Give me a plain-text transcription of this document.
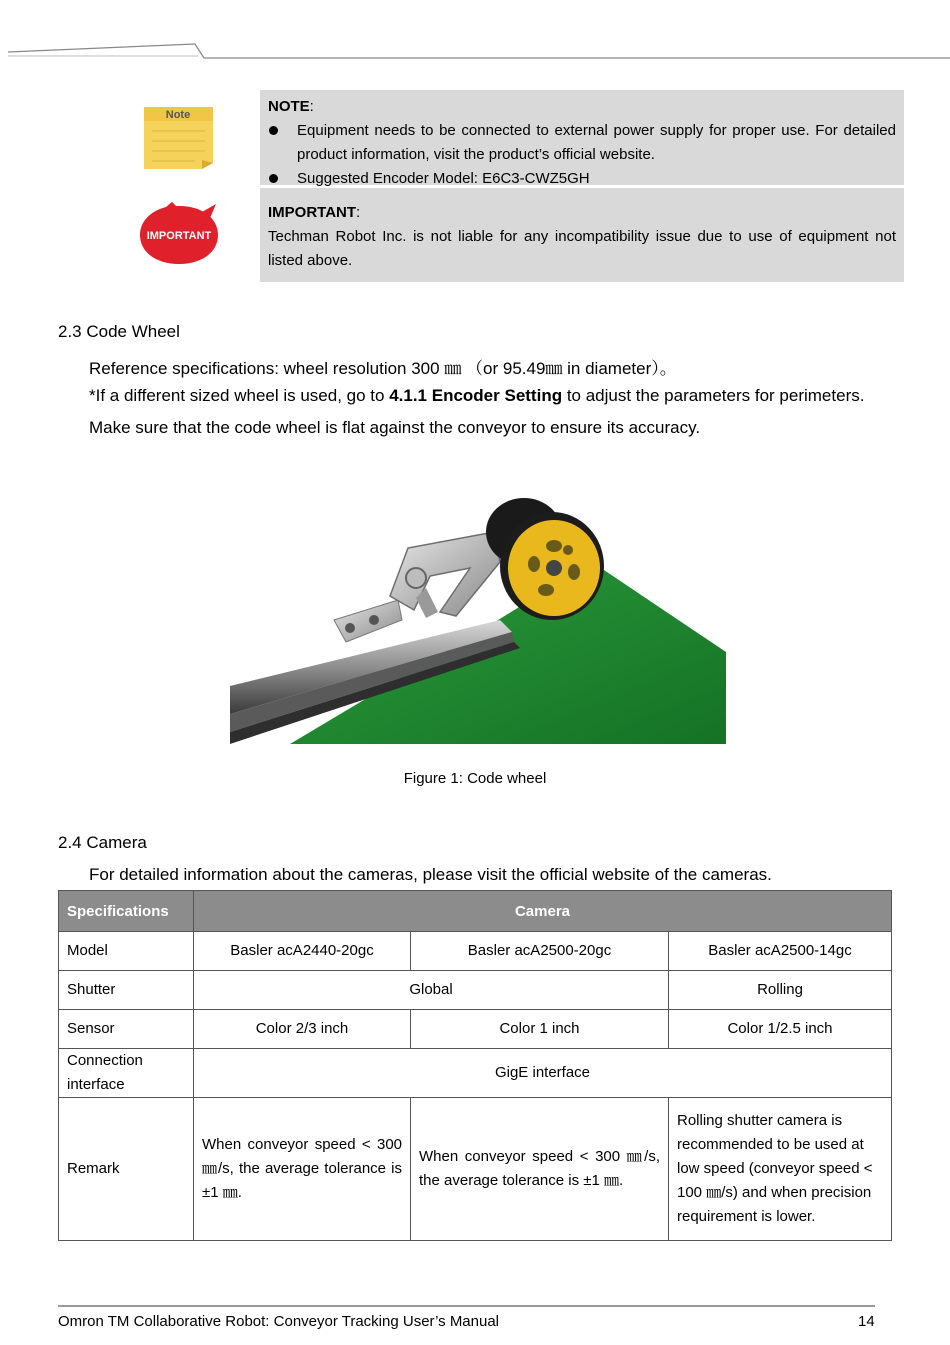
Note	NOTE:
Equipment needs to be connected to external power supply for proper use. For detailed product information, visit the product’s official website.
Suggested Encoder Model: E6C3-CWZ5GH
IMPORTANT
IMPORTANT:

Techman Robot Inc. is not liable for any incompatibility issue due to use of equipment not listed above.

2.3 Code Wheel
Reference specifications: wheel resolution 300 ㎜ （or 95.49㎜ in diameter）。
*If a different sized wheel is used, go to 4.1.1 Encoder Setting to adjust the parameters for perimeters.
Make sure that the code wheel is flat against the conveyor to ensure its accuracy.
Figure 1: Code wheel
2.4 Camera
For detailed information about the cameras, please visit the official website of the cameras.
Specifications	Camera		
Model	Basler acA2440-20gc	Basler acA2500-20gc	Basler acA2500-14gc
Shutter	Global		Rolling
Sensor	Color 2/3 inch	Color 1 inch	Color 1/2.5 inch
Connection interface	GigE interface		
Remark	When conveyor speed < 300 ㎜/s, the average tolerance is ±1 ㎜.	When conveyor speed < 300 ㎜/s, the average tolerance is ±1 ㎜.	Rolling shutter camera is recommended to be used at low speed (conveyor speed < 100 ㎜/s) and when precision requirement is lower.
Omron TM Collaborative Robot: Conveyor Tracking User’s Manual	14
